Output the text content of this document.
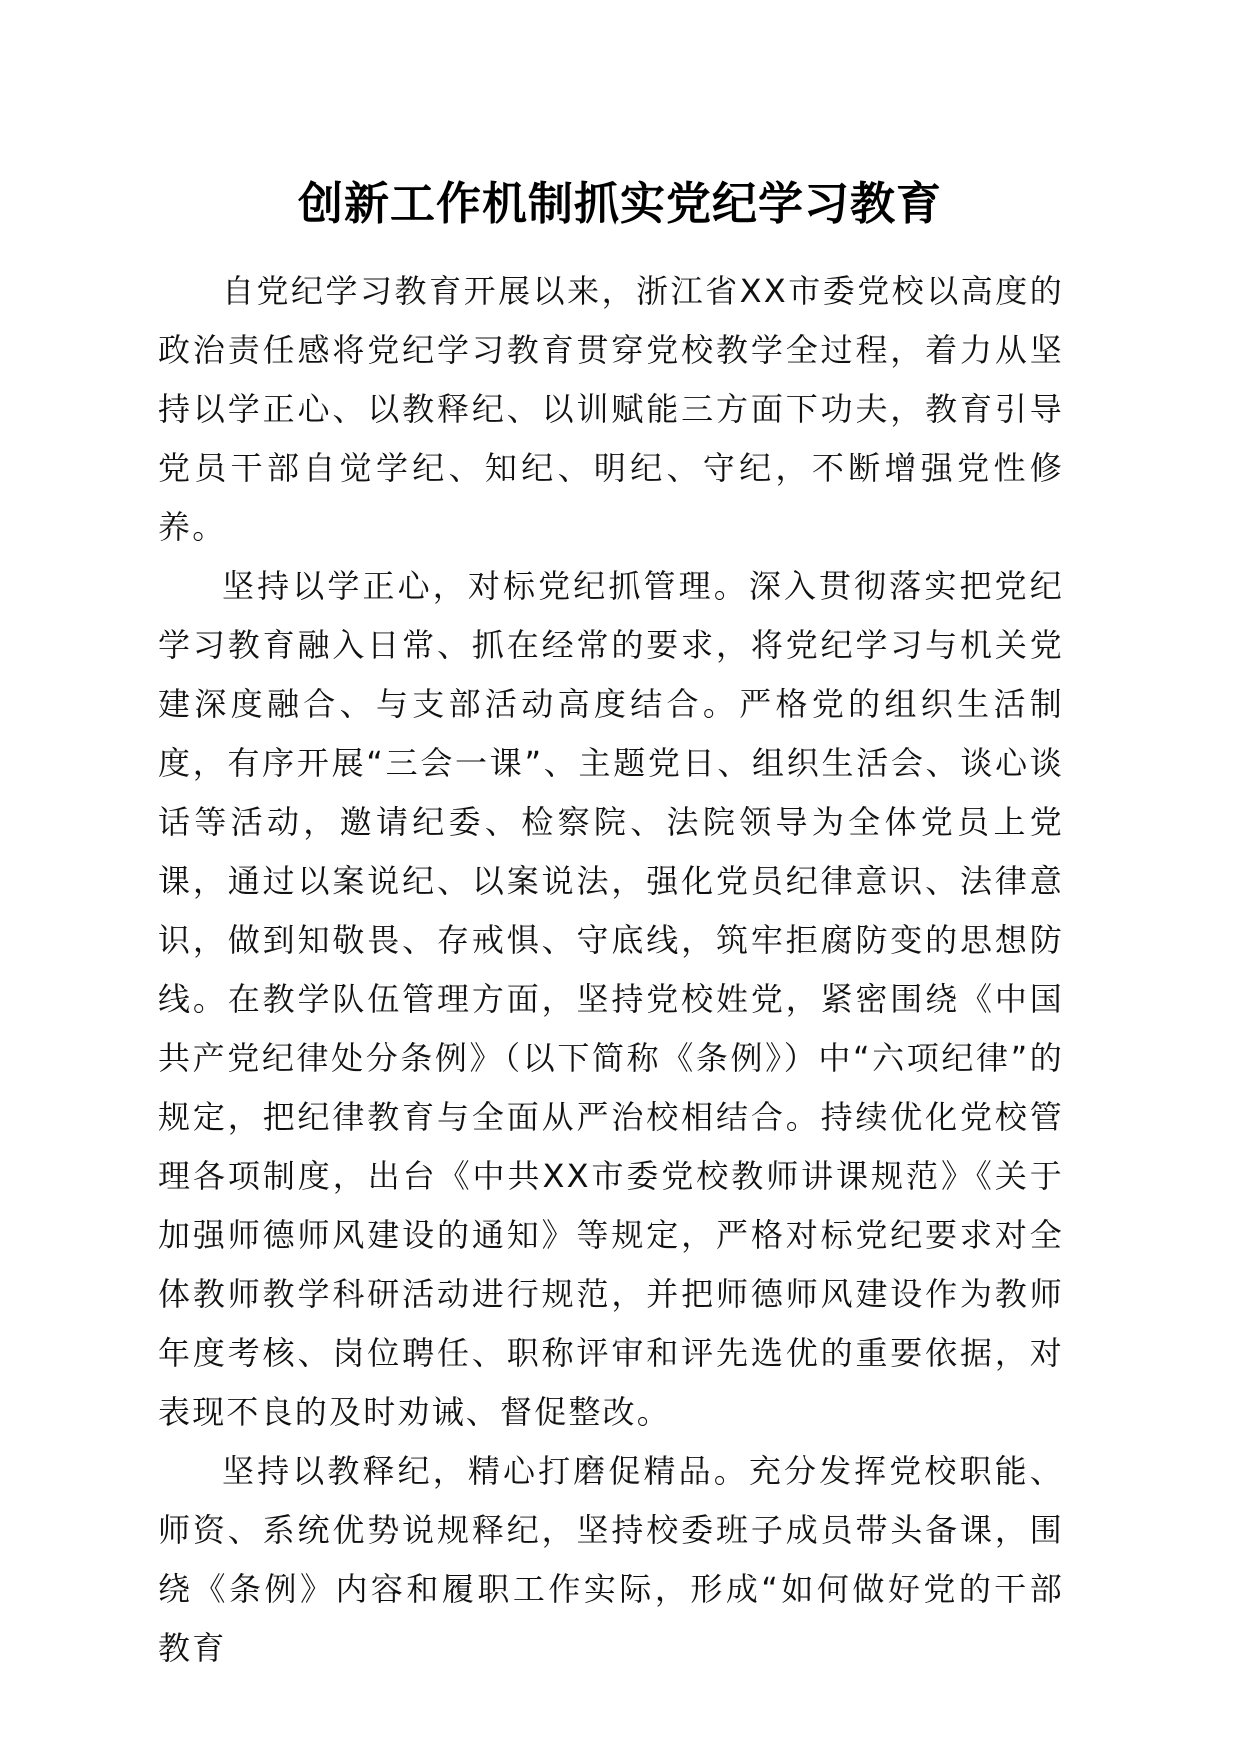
创新工作机制抓实党纪学习教育

自党纪学习教育开展以来，浙江省XX市委党校以高度的政治责任感将党纪学习教育贯穿党校教学全过程，着力从坚持以学正心、以教释纪、以训赋能三方面下功夫，教育引导党员干部自觉学纪、知纪、明纪、守纪，不断增强党性修养。

坚持以学正心，对标党纪抓管理。深入贯彻落实把党纪学习教育融入日常、抓在经常的要求，将党纪学习与机关党建深度融合、与支部活动高度结合。严格党的组织生活制度，有序开展“三会一课”、主题党日、组织生活会、谈心谈话等活动，邀请纪委、检察院、法院领导为全体党员上党课，通过以案说纪、以案说法，强化党员纪律意识、法律意识，做到知敬畏、存戒惧、守底线，筑牢拒腐防变的思想防线。在教学队伍管理方面，坚持党校姓党，紧密围绕《中国共产党纪律处分条例》（以下简称《条例》）中“六项纪律”的规定，把纪律教育与全面从严治校相结合。持续优化党校管理各项制度，出台《中共XX市委党校教师讲课规范》《关于加强师德师风建设的通知》等规定，严格对标党纪要求对全体教师教学科研活动进行规范，并把师德师风建设作为教师年度考核、岗位聘任、职称评审和评先选优的重要依据，对表现不良的及时劝诫、督促整改。

坚持以教释纪，精心打磨促精品。充分发挥党校职能、师资、系统优势说规释纪，坚持校委班子成员带头备课，围绕《条例》内容和履职工作实际，形成“如何做好党的干部教育
